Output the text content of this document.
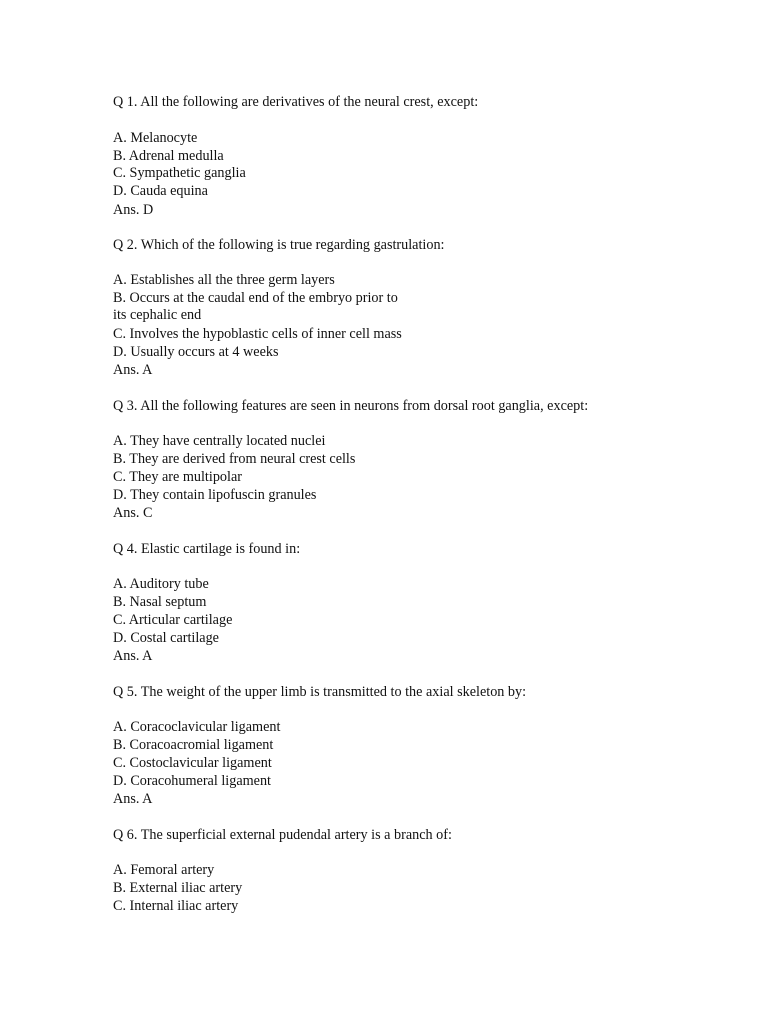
Q 1. All the following are derivatives of the neural crest, except:
A. Melanocyte
B. Adrenal medulla
C. Sympathetic ganglia
D. Cauda equina
Ans. D
Q 2. Which of the following is true regarding gastrulation:
A. Establishes all the three germ layers
B. Occurs at the caudal end of the embryo prior to
its cephalic end
C. Involves the hypoblastic cells of inner cell mass
D. Usually occurs at 4 weeks
Ans. A
Q 3. All the following features are seen in neurons from dorsal root ganglia, except:
A. They have centrally located nuclei
B. They are derived from neural crest cells
C. They are multipolar
D. They contain lipofuscin granules
Ans. C
Q 4. Elastic cartilage is found in:
A. Auditory tube
B. Nasal septum
C. Articular cartilage
D. Costal cartilage
Ans. A
Q 5. The weight of the upper limb is transmitted to the axial skeleton by:
A. Coracoclavicular ligament
B. Coracoacromial ligament
C. Costoclavicular ligament
D. Coracohumeral ligament
Ans. A
Q 6. The superficial external pudendal artery is a branch of:
A. Femoral artery
B. External iliac artery
C. Internal iliac artery
